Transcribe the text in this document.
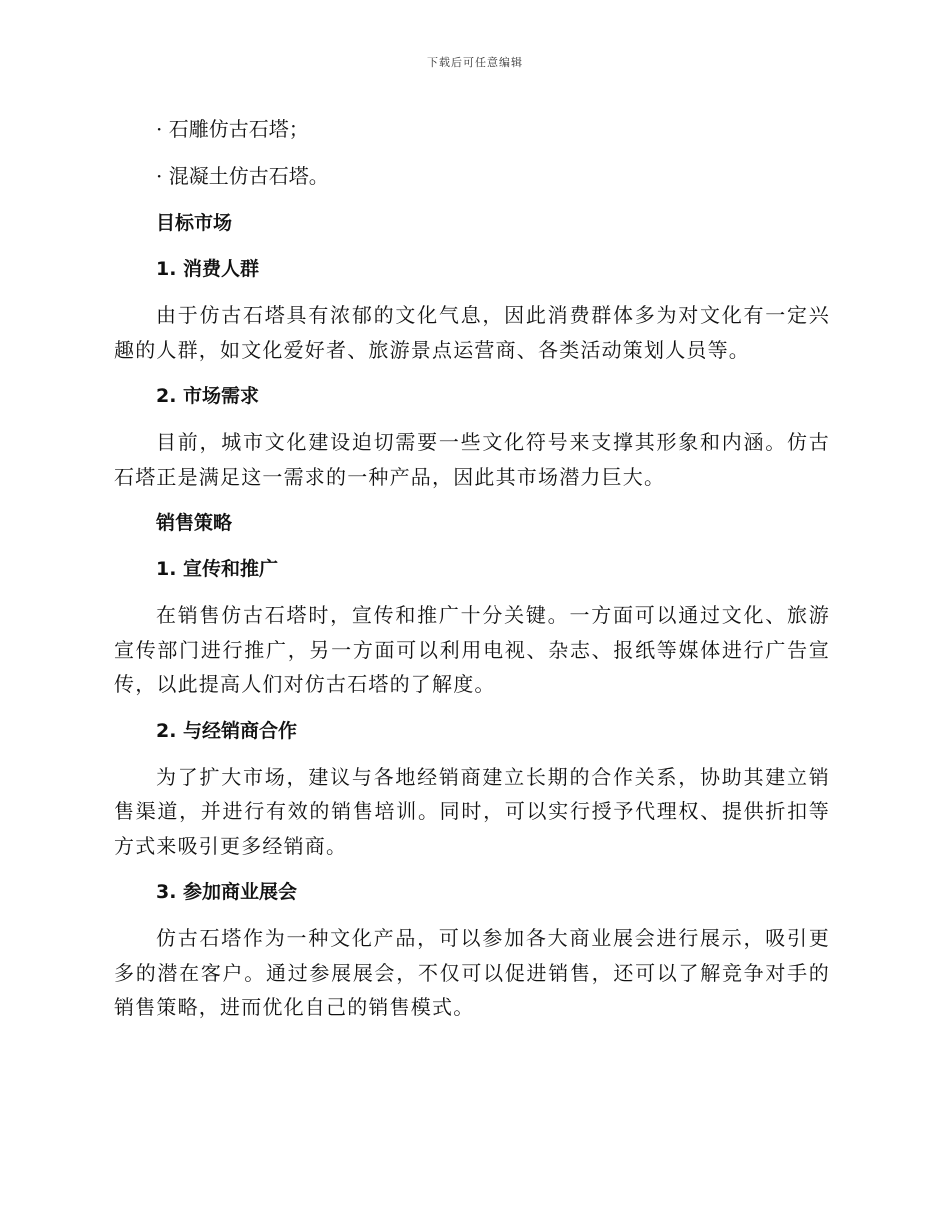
下载后可任意编辑

· 石雕仿古石塔；

· 混凝土仿古石塔。

目标市场

1. 消费人群

由于仿古石塔具有浓郁的文化气息，因此消费群体多为对文化有一定兴趣的人群，如文化爱好者、旅游景点运营商、各类活动策划人员等。

2. 市场需求

目前，城市文化建设迫切需要一些文化符号来支撑其形象和内涵。仿古石塔正是满足这一需求的一种产品，因此其市场潜力巨大。

销售策略

1. 宣传和推广

在销售仿古石塔时，宣传和推广十分关键。一方面可以通过文化、旅游宣传部门进行推广，另一方面可以利用电视、杂志、报纸等媒体进行广告宣传，以此提高人们对仿古石塔的了解度。

2. 与经销商合作

为了扩大市场，建议与各地经销商建立长期的合作关系，协助其建立销售渠道，并进行有效的销售培训。同时，可以实行授予代理权、提供折扣等方式来吸引更多经销商。

3. 参加商业展会

仿古石塔作为一种文化产品，可以参加各大商业展会进行展示，吸引更多的潜在客户。通过参展展会，不仅可以促进销售，还可以了解竞争对手的销售策略，进而优化自己的销售模式。
